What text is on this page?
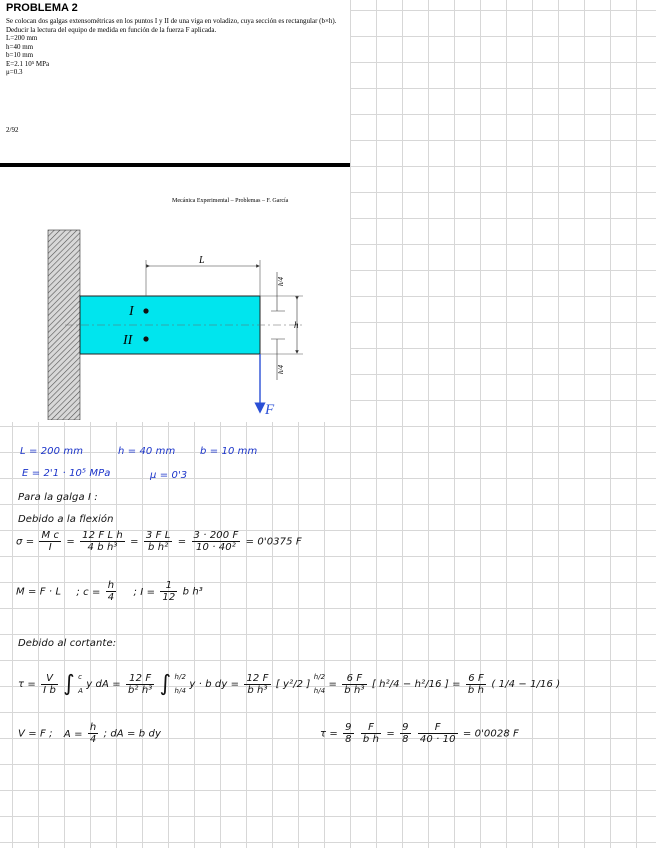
PROBLEMA 2

Se colocan dos galgas extensométricas en los puntos I y II de una viga en voladizo, cuya sección es rectangular (b×h).

Deducir la lectura del equipo de medida en función de la fuerza F aplicada.

L=200 mm

h=40 mm

b=10 mm

E=2.1 10⁵ MPa

μ=0.3

2/92
Mecánica Experimental – Problemas – F. García
I
II
L
h
h/4
h/4
F
L = 200 mm	h = 40 mm b = 10 mm
E = 2'1 · 10⁵ MPa	μ = 0'3
Para la galga I :
Debido a la flexión
$\sigma = \frac{\text{M c}}{I} = \frac{\text{12 F L h}}{\text{4 b h³}} = \frac{\text{3 F L}}{\text{b h²}} = \frac{3 \cdot 200 F}{\text{10 · 40²}} = 0'0375$ F
M = F · L ; $c = \frac{h}{4}$ ; $I = \frac{1}{12}$ b h³
Debido al cortante:
$\tau = \frac{V}{\text{I b}}$ ∫ c
A
y dA = $\frac{12 F}{\text{b² h³}}$ ∫ h/2
h/4
y · b dy = $\frac{12 F}{\text{b h³}}$ [ y²/2 ]
h/2
h/4
= $\frac{6 F}{\text{b h³}}$ [ h²/4 − h²/16 ] = $\frac{6 F}{\text{b h}}$ ( 1/4 − 1/16 )
V = F ; $A = \frac{h}{4}$ ; dA = b dy	$\tau = \frac{9}{8}$
$\frac{F}{\text{b h}} = \frac{9}{8}$
$\frac{F}{40 \cdot 10} = 0'0028$ F
